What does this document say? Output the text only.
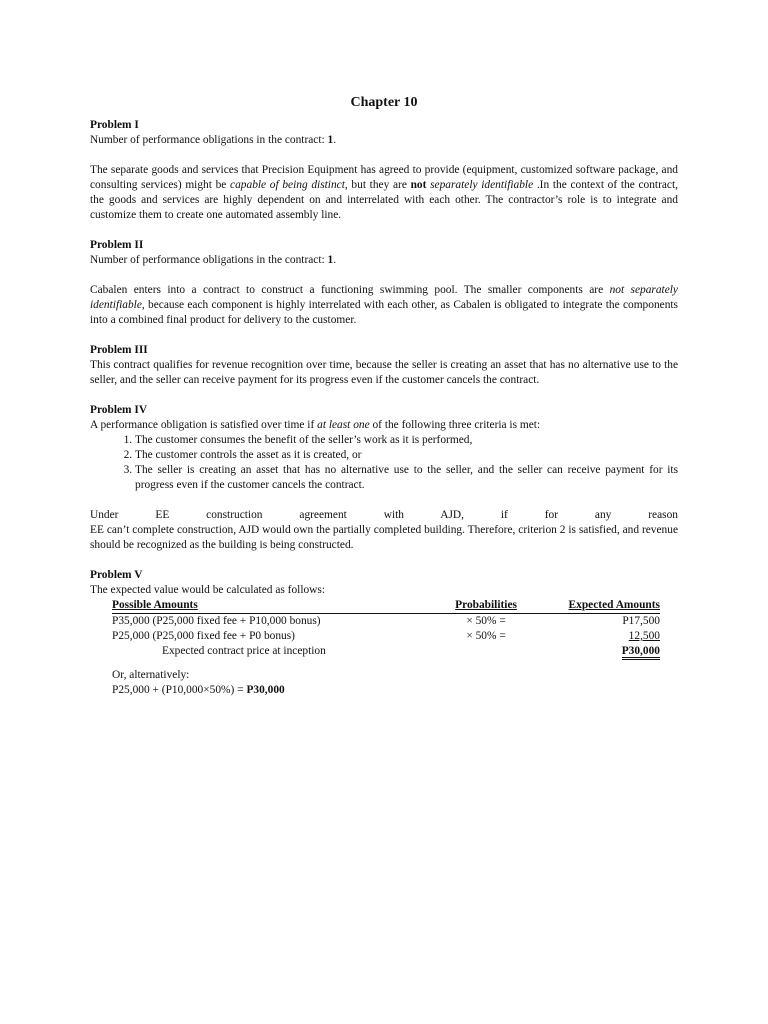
Chapter 10

Problem I

Number of performance obligations in the contract: 1.

The separate goods and services that Precision Equipment has agreed to provide (equipment, customized software package, and consulting services) might be capable of being distinct, but they are not separately identifiable .In the context of the contract, the goods and services are highly dependent on and interrelated with each other. The contractor’s role is to integrate and customize them to create one automated assembly line.

Problem II

Number of performance obligations in the contract: 1.

Cabalen enters into a contract to construct a functioning swimming pool. The smaller components are not separately identifiable, because each component is highly interrelated with each other, as Cabalen is obligated to integrate the components into a combined final product for delivery to the customer.

Problem III

This contract qualifies for revenue recognition over time, because the seller is creating an asset that has no alternative use to the seller, and the seller can receive payment for its progress even if the customer cancels the contract.

Problem IV

A performance obligation is satisfied over time if at least one of the following three criteria is met:

1. The customer consumes the benefit of the seller’s work as it is performed,
2. The customer controls the asset as it is created, or
3. The seller is creating an asset that has no alternative use to the seller, and the seller can receive payment for its progress even if the customer cancels the contract.

Under EE construction agreement with AJD, if for any reason

EE can’t complete construction, AJD would own the partially completed building. Therefore, criterion 2 is satisfied, and revenue should be recognized as the building is being constructed.

Problem V

The expected value would be calculated as follows:

Possible Amounts	Probabilities	Expected Amounts
P35,000 (P25,000 fixed fee + P10,000 bonus)	× 50% =	P17,500
P25,000 (P25,000 fixed fee + P0 bonus)	× 50% =	12,500
Expected contract price at inception		P30,000

Or, alternatively:

P25,000 + (P10,000×50%) = P30,000
